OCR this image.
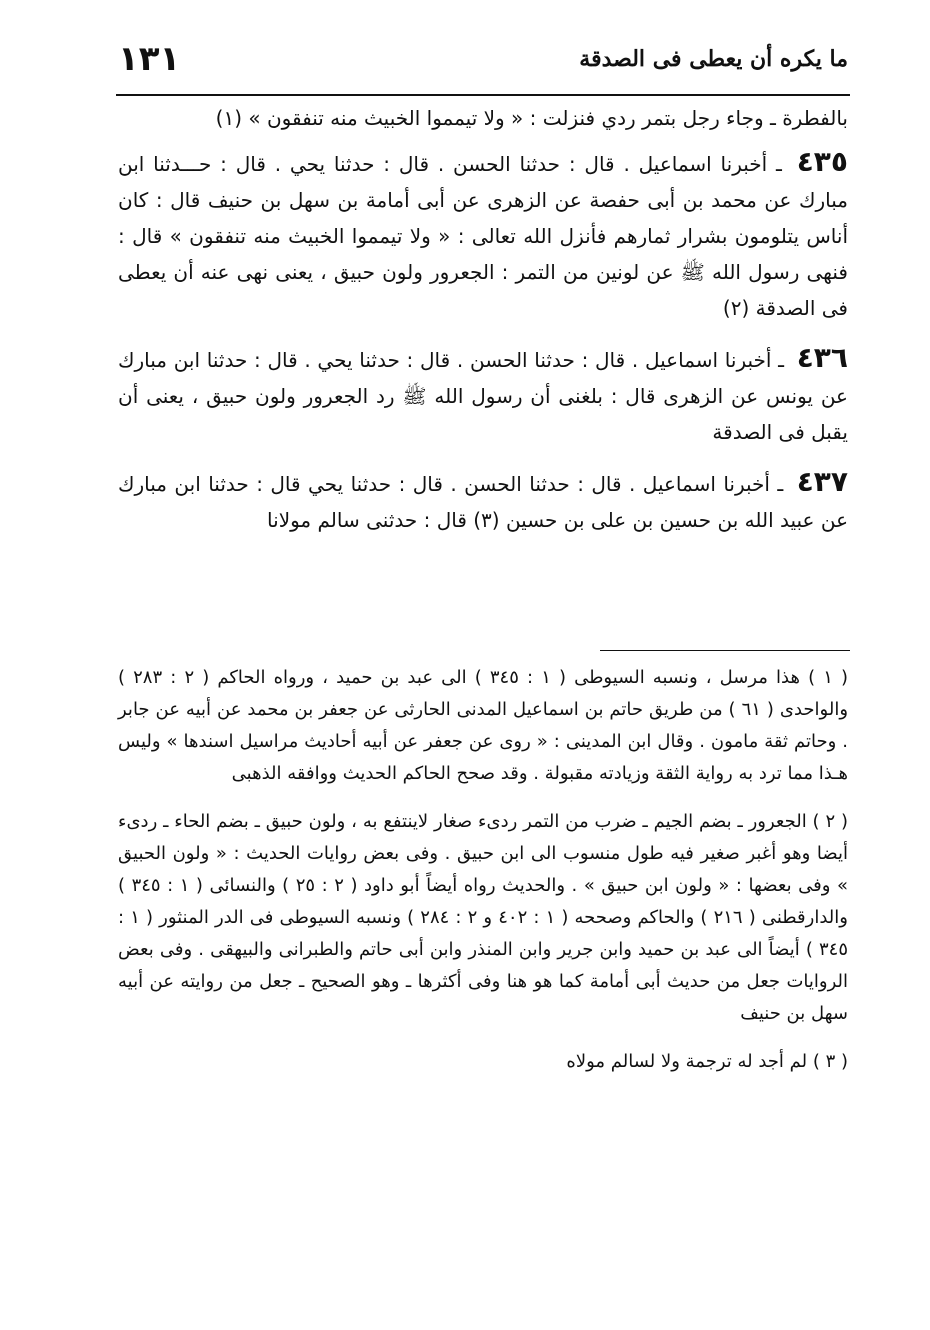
ما يكره أن يعطى فى الصدقة
١٣١

بالفطرة ـ وجاء رجل بتمر ردي فنزلت : « ولا تيمموا الخبيث منه تنفقون » (١)

٤٣٥ ـ أخبرنا اسماعيل . قال : حدثنا الحسن . قال : حدثنا يحي . قال : حـــدثنا ابن مبارك عن محمد بن أبى حفصة عن الزهرى عن أبى أمامة بن سهل بن حنيف قال : كان أناس يتلومون بشرار ثمارهم فأنزل الله تعالى : « ولا تيمموا الخبيث منه تنفقون » قال : فنهى رسول الله ﷺ عن لونين من التمر : الجعرور ولون حبيق ، يعنى نهى عنه أن يعطى فى الصدقة (٢)

٤٣٦ ـ أخبرنا اسماعيل . قال : حدثنا الحسن . قال : حدثنا يحي . قال : حدثنا ابن مبارك عن يونس عن الزهرى قال : بلغنى أن رسول الله ﷺ رد الجعرور ولون حبيق ، يعنى أن يقبل فى الصدقة

٤٣٧ ـ أخبرنا اسماعيل . قال : حدثنا الحسن . قال : حدثنا يحي قال : حدثنا ابن مبارك عن عبيد الله بن حسين بن على بن حسين (٣) قال : حدثنى سالم مولانا

( ١ ) هذا مرسل ، ونسبه السيوطى ( ١ : ٣٤٥ ) الى عبد بن حميد ، ورواه الحاكم ( ٢ : ٢٨٣ ) والواحدى ( ٦١ ) من طريق حاتم بن اسماعيل المدنى الحارثى عن جعفر بن محمد عن أبيه عن جابر . وحاتم ثقة مامون . وقال ابن المدينى : « روى عن جعفر عن أبيه أحاديث مراسيل اسندها » وليس هـذا مما ترد به رواية الثقة وزيادته مقبولة . وقد صحح الحاكم الحديث ووافقه الذهبى

( ٢ ) الجعرور ـ بضم الجيم ـ ضرب من التمر ردىء صغار لاينتفع به ، ولون حبيق ـ بضم الحاء ـ ردىء أيضا وهو أغبر صغير فيه طول منسوب الى ابن حبيق . وفى بعض روايات الحديث : « ولون الحبيق » وفى بعضها : « ولون ابن حبيق » . والحديث رواه أيضاً أبو داود ( ٢ : ٢٥ ) والنسائى ( ١ : ٣٤٥ ) والدارقطنى ( ٢١٦ ) والحاكم وصححه ( ١ : ٤٠٢ و ٢ : ٢٨٤ ) ونسبه السيوطى فى الدر المنثور ( ١ : ٣٤٥ ) أيضاً الى عبد بن حميد وابن جرير وابن المنذر وابن أبى حاتم والطبرانى والبيهقى . وفى بعض الروايات جعل من حديث أبى أمامة كما هو هنا وفى أكثرها ـ وهو الصحيح ـ جعل من روايته عن أبيه سهل بن حنيف

( ٣ ) لم أجد له ترجمة ولا لسالم مولاه
